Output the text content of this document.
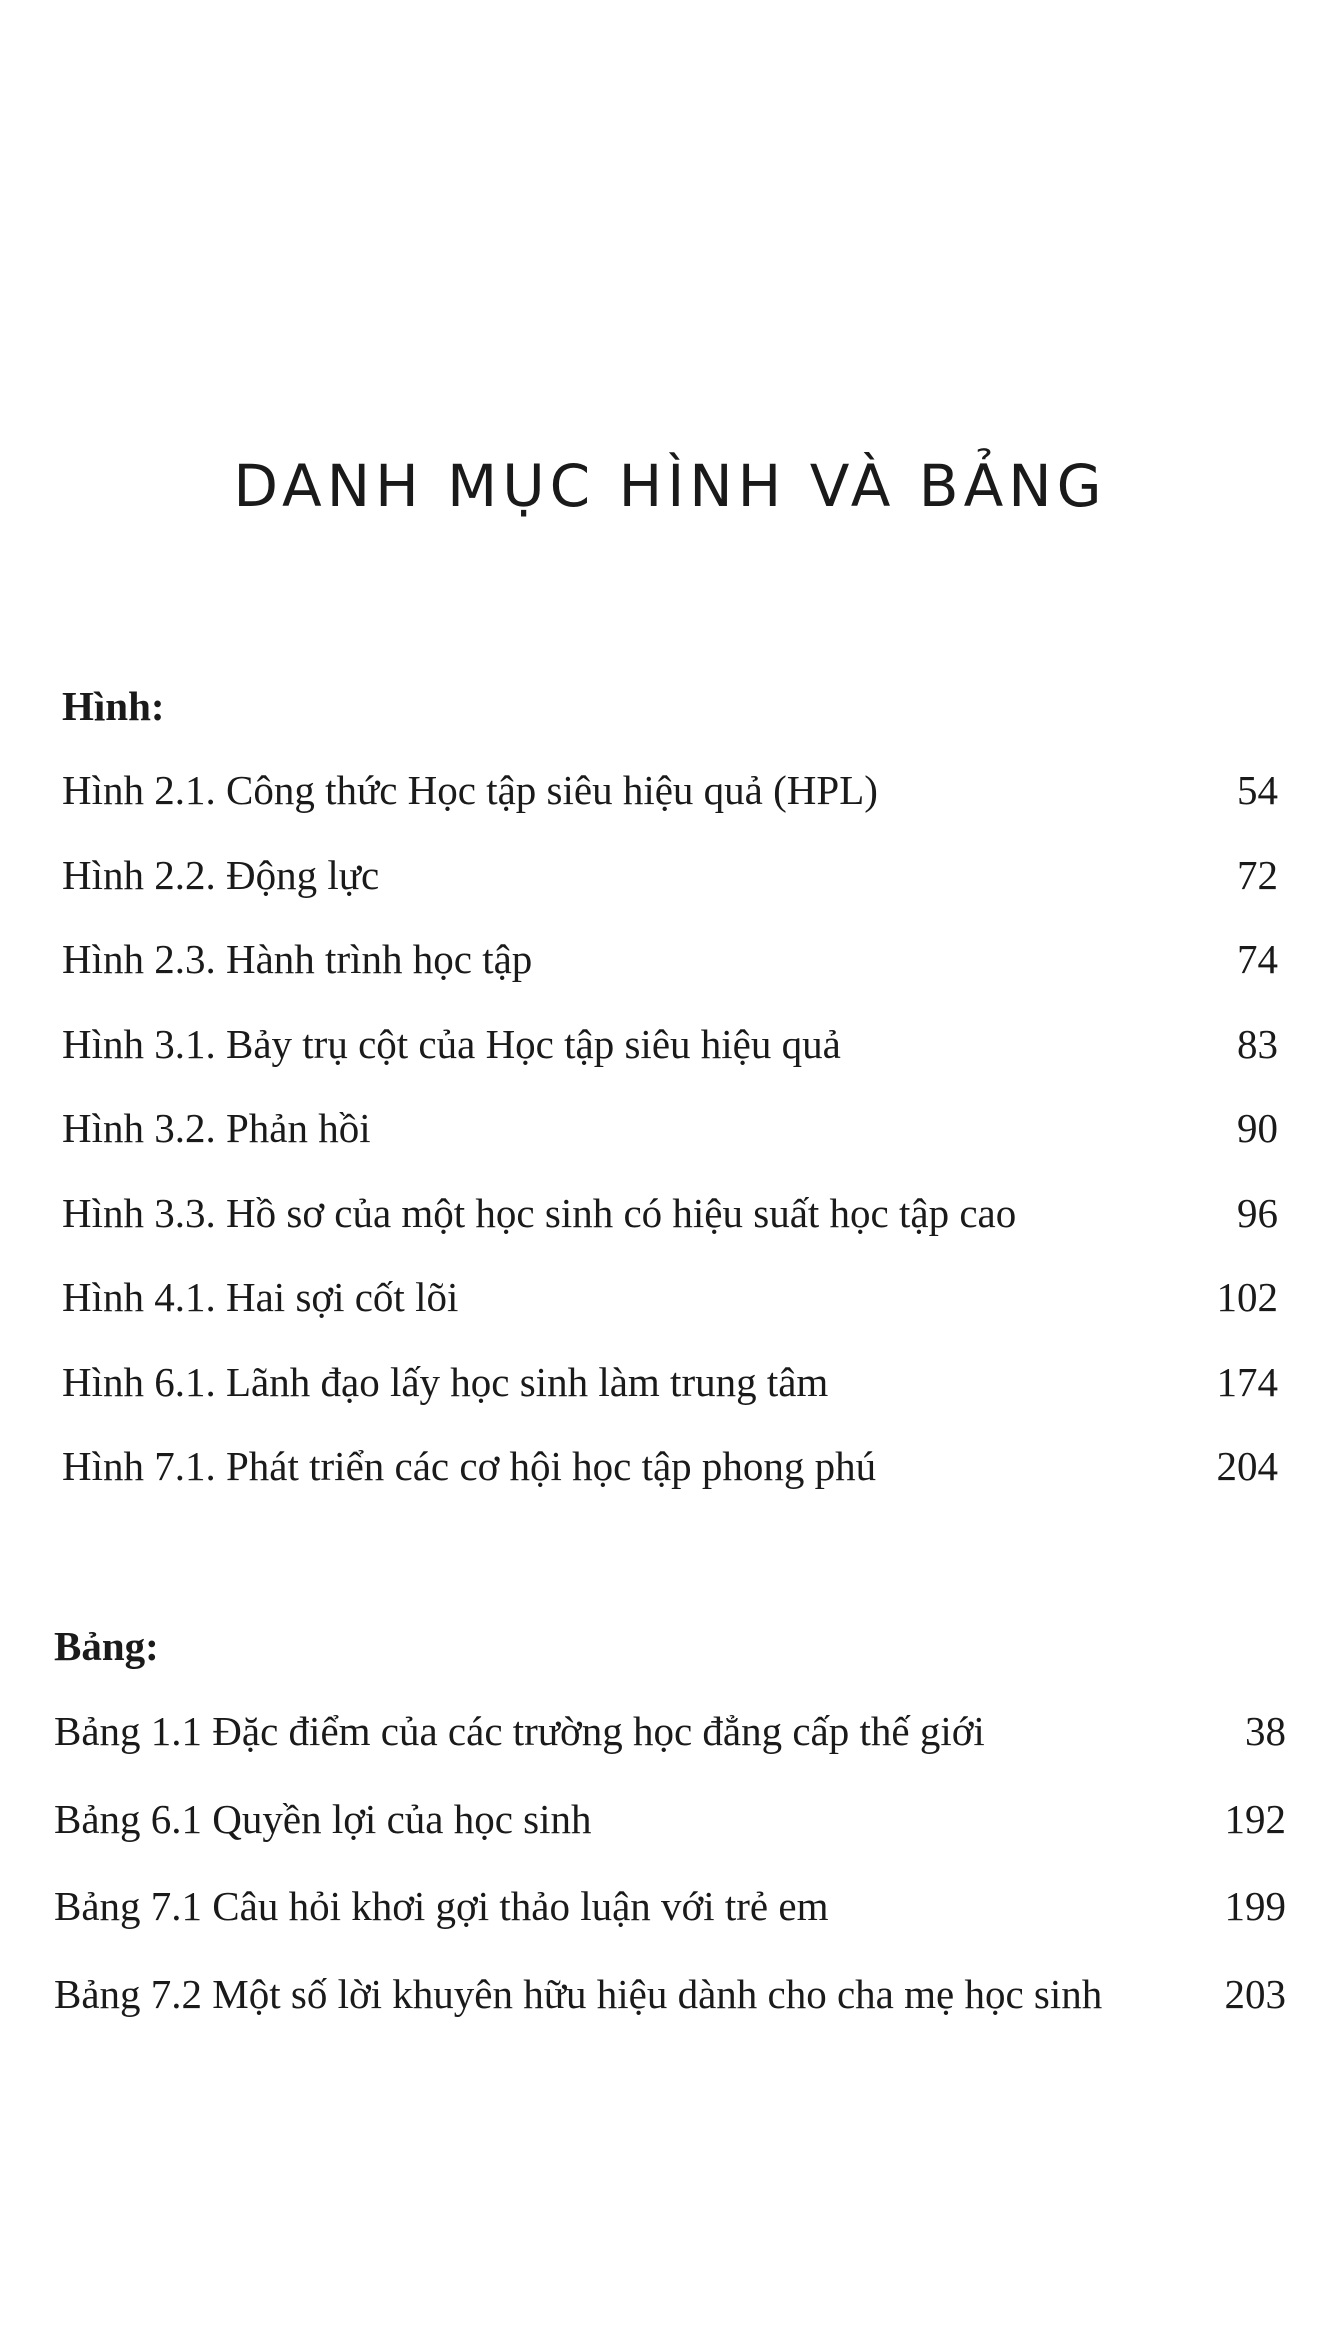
DANH MỤC HÌNH VÀ BẢNG
Hình:
Hình 2.1. Công thức Học tập siêu hiệu quả (HPL)	54
Hình 2.2. Động lực	72
Hình 2.3. Hành trình học tập	74
Hình 3.1. Bảy trụ cột của Học tập siêu hiệu quả	83
Hình 3.2. Phản hồi	90
Hình 3.3. Hồ sơ của một học sinh có hiệu suất học tập cao	96
Hình 4.1. Hai sợi cốt lõi	102
Hình 6.1. Lãnh đạo lấy học sinh làm trung tâm	174
Hình 7.1. Phát triển các cơ hội học tập phong phú	204
Bảng:
Bảng 1.1 Đặc điểm của các trường học đẳng cấp thế giới	38
Bảng 6.1 Quyền lợi của học sinh	192
Bảng 7.1 Câu hỏi khơi gợi thảo luận với trẻ em	199
Bảng 7.2 Một số lời khuyên hữu hiệu dành cho cha mẹ học sinh	203
